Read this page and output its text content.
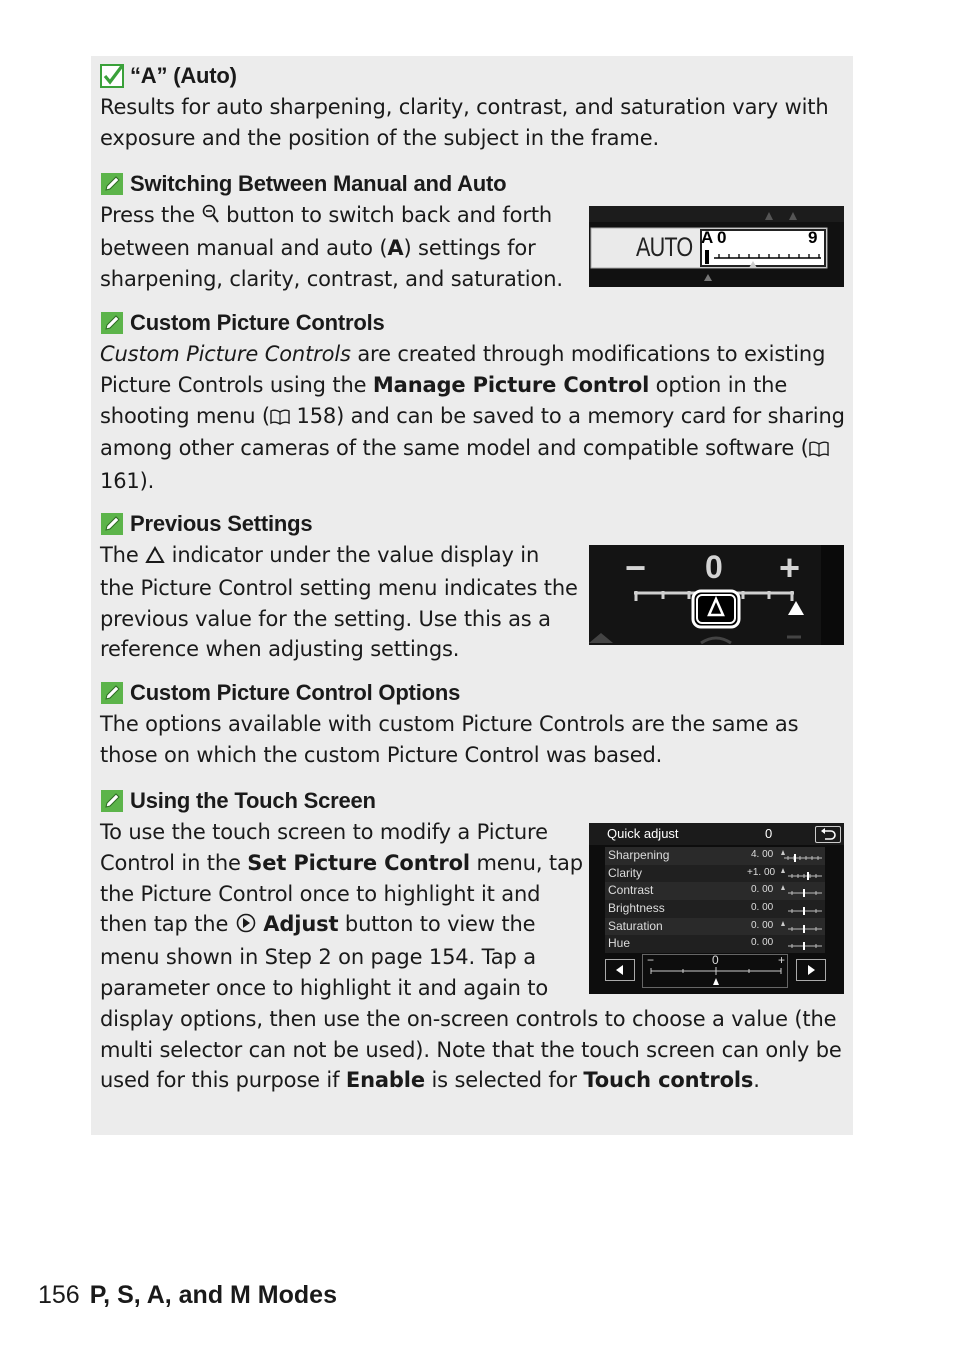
“A” (Auto)

Results for auto sharpening, clarity, contrast, and saturation vary with exposure and the position of the subject in the frame.

Switching Between Manual and Auto

Press the  button to switch back and forth between manual and auto (A) settings for sharpening, clarity, contrast, and saturation.

AUTO A 0	9
Custom Picture Controls

Custom Picture Controls are created through modifications to existing Picture Controls using the Manage Picture Control option in the shooting menu ( 158) and can be saved to a memory card for sharing among other cameras of the same model and compatible software ( 161).

Previous Settings

The  indicator under the value display in the Picture Control setting menu indicates the previous value for the setting. Use this as a reference when adjusting settings.

− 0 +
Custom Picture Control Options

The options available with custom Picture Controls are the same as those on which the custom Picture Control was based.

Using the Touch Screen

To use the touch screen to modify a Picture Control in the Set Picture Control menu, tap the Picture Control once to highlight it and then tap the  Adjust button to view the menu shown in Step 2 on page 154. Tap a parameter once to highlight it and again to display options, then use the on-screen controls to choose a value (the multi selector can not be used). Note that the touch screen can only be used for this purpose if Enable is selected for Touch controls.

Quick adjust	0
Sharpening	4. 00
Clarity	+1. 00
Contrast	0. 00
Brightness	0. 00
Saturation	0. 00
Hue	0. 00
−	0	+
156 P, S, A, and M Modes
